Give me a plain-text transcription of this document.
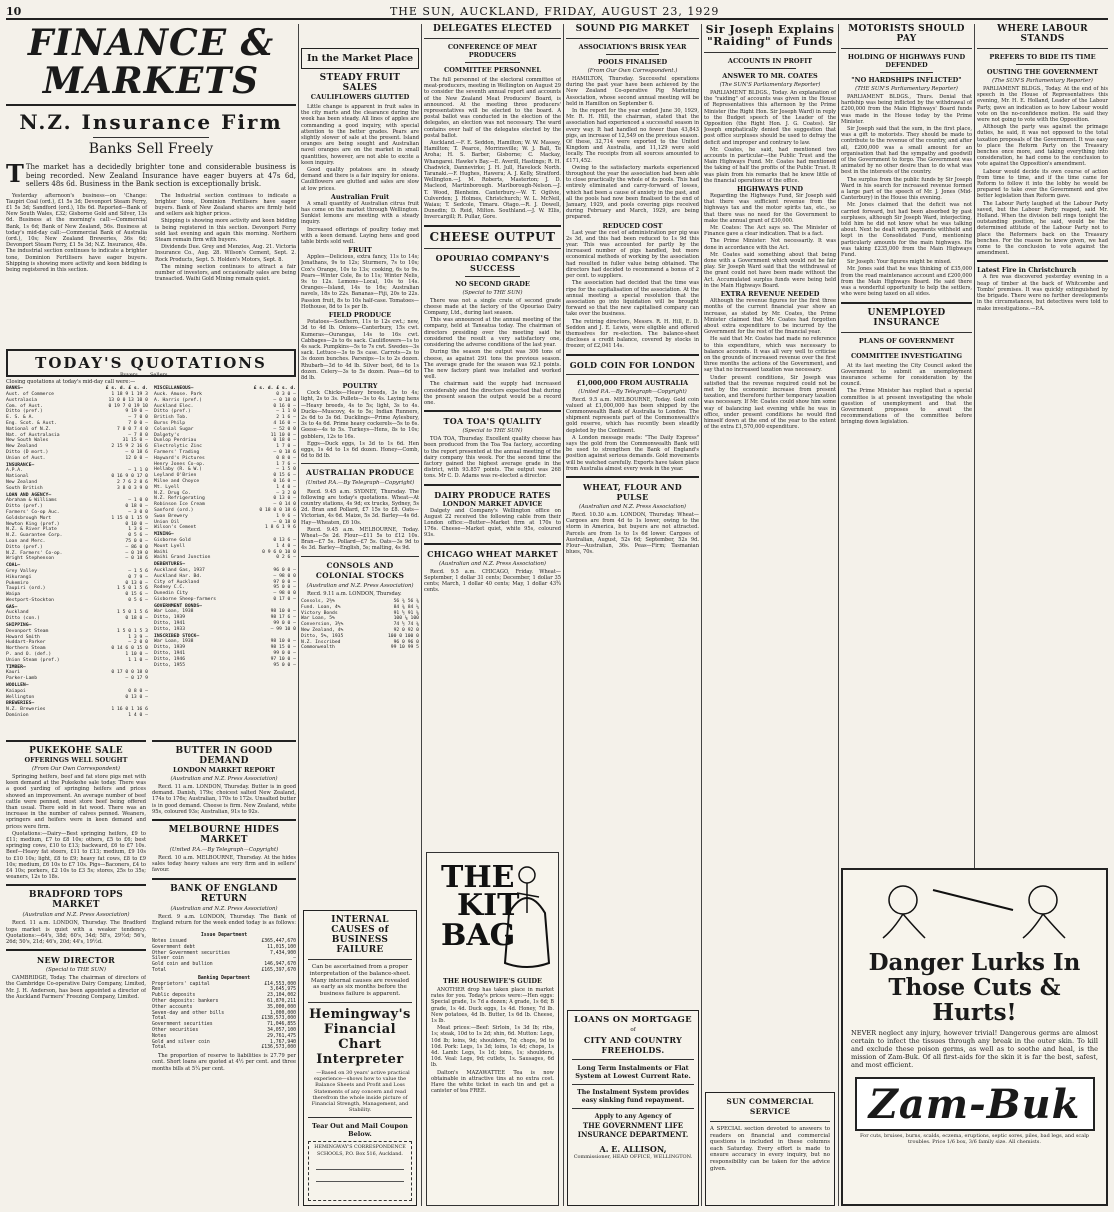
10	THE SUN, AUCKLAND, FRIDAY, AUGUST 23, 1929
FINANCE & MARKETS
N.Z. Insurance Firm
Banks Sell Freely
T The market has a decidedly brighter tone and considerable business is being recorded. New Zealand Insurance have eager buyers at 47s 6d, sellers 48s 6d. Business in the Bank section is exceptionally brisk.

Yesterday afternoon's business—on 'Change: Taupiri Coal (ord.), £1 5s 3d; Devonport Steam Ferry, £1 5s 3d; Sandford (ord.), 18s 6d. Reported—Bank of New South Wales, £32; Gisborne Gold and Silver, 13s 6d. Business at the morning's call:—Commercial Bank, 1s 6d; Bank of New Zealand, 56s. Business at today's mid-day call:—Commercial Bank of Australia (ord.), 10s; New Zealand Breweries, 36s 6d; Devonport Steam Ferry, £1 5s 3d; N.Z. Insurance, 48s. The industrial section continues to indicate a brighter tone, Dominion Fertilisers have eager buyers. Shipping is showing more activity and keen bidding is being registered in this section.

The Industrial section continues to indicate a brighter tone, Dominion Fertilisers have eager buyers. Bank of New Zealand shares are firmly held and sellers ask higher prices.

Shipping is showing more activity and keen bidding is being registered in this section. Devonport Ferry sold last evening and again this morning. Northern Steam remain firm with buyers.

Dividends Due. Grey and Menzies, Aug. 21. Victoria Insurance Co., Aug. 28. Wilson's Cement, Sept. 2. Rock Products, Sept. 5. Holden's Motors, Sept. 8.

The mining section continues to attract a fair number of investors, and occasionally sales are being transacted. Waihi Gold Mining remain quiet.

TODAY'S QUOTATIONS
Closing quotations at today's mid-day call were:—
BANKS—	£ s. d. £ s. d.
Aust. of Commerce	1 18 9 1 19 3
Australasia	13 0 0 13 10 0
Com. of Aust.	0 19 7 0 19 10
Ditto (pref.)	9 19 0 —
E. S. & A.	— 7 0 0
Eng. Scot. & Aust.	7 0 0 —
National of N.Z.	7 0 0 7 4 0
Nat. of Australasia	— 7 8 0
New South Wales	31 15 0 —
New Zealand	2 15 9 2 16 6
Ditto (D mort.)	— 0 18 6
Union of Aust.	12 0 0 —
INSURANCE—
A.P.A.	— 1 1 0
National	0 16 9 0 17 0
New Zealand	2 7 6 2 8 6
South British	3 8 0 3 9 0
LOAN AND AGENCY—
Abraham & Williams	— 1 0 0
Ditto (pref.)	0 18 0 —
Farmers' Co-op Auc.	— 3 0 0
Goldsbrough Mort	1 15 0 1 15 9
Newton King (pref.)	0 10 0 —
N.Z. & River Plate	1 3 6 —
N.Z. Guarantee Corp.	0 5 6 —
Loan and Merc.	75 0 0 —
Ditto (pref.)	— 86 0 0
N.Z. Farmers' Co-op.	— 0 19 0
Wright Stephenson	— 0 18 6
COAL—
Grey Valley	— 1 5 6
Hikurangi	0 7 9 —
Pukemiro	0 13 0 —
Taupiri (ord.)	1 5 0 1 5 6
Waipa	0 15 6 —
Westport-Stockton	0 5 6 —
GAS—
Auckland	1 5 0 1 5 6
Ditto (con.)	0 18 0 —
SHIPPING—
Devonport Steam	1 5 0 1 5 3
Howard Smith	1 3 9 —
Huddart-Parker	— 2 0 0
Northern Steam	0 14 6 0 15 0
P. and O. (def.)	1 10 0 —
Union Steam (pref.)	1 1 0 —
TIMBER—
Kauri	0 17 0 0 18 0
Parker-Lamb	— 0 17 9
WOOLLEN—
Kaiapoi	0 8 0 —
Wellington	0 13 0 —
BREWERIES—
N.Z. Breweries	1 16 0 1 16 6
Dominion	1 4 0 —
MISCELLANEOUS—	£ s. d. £ s. d.
Auck. Amuse. Park	0 3 0 —
A. Harris (pref.)	— 0 18 0
Auckland Elec.	0 16 0 —
Ditto (pref.)	— 1 1 0
British Tob.	2 1 6 —
Burns Philp	4 16 0 —
Colonial Sugar	— 52 0 0
Dalgety's	11 10 0 —
Dunlop Perdriau	0 18 0 —
Electrolytic Zinc	1 7 0 —
Farmers' Trading	— 0 18 6
Hayward's Pictures	0 8 0 —
Henry Jones Co-op.	1 7 6 —
Hellaby (R. & W.)	— 1 5 0
Leyland O'Brien	0 15 6 —
Milne and Choyce	0 16 0 —
Mt. Lyell	1 4 0 —
N.Z. Drug Co.	— 3 2 0
N.Z. Refrigerating	0 13 0 —
Robinson Ice Cream	— 0 14 0
Sanford (ord.)	0 18 0 0 18 6
Swan Brewery	1 9 6 —
Union Oil	— 0 18 0
Wilson's Cement	1 8 6 1 9 6
MINING—
Gisborne Gold	0 13 6 —
Mount Lyell	1 4 0 —
Waihi	0 9 6 0 10 0
Waihi Grand Junction	0 2 6 —
DEBENTURES—
Auckland Gas, 1937	96 0 0 —
Auckland Har. Bd.	— 98 0 0
City of Auckland	97 0 0 —
Rodney C.C.	95 0 0 —
Dunedin City	— 98 0 0
Gisborne Sheep-farmers	0 17 0 —
GOVERNMENT BONDS—
War Loan, 1938	98 10 0 —
Ditto, 1939	98 17 6 —
Ditto, 1941	99 0 0 —
Ditto, 1933	— 99 10 0
INSCRIBED STOCK—
War Loan, 1938	98 10 0 —
Ditto, 1939	98 15 0 —
Ditto, 1941	99 0 0 —
Ditto, 1946	97 10 0 —
Ditto, 1955	95 0 0 —
PUKEKOHE SALE
OFFERINGS WELL SOUGHT
(From Our Own Correspondent)

Springing heifers, beef and fat store pigs met with keen demand at the Pukekohe sale today. There was a good yarding of springing heifers and prices showed an improvement. An average number of beef cattle were penned, most store beef being offered than usual. There sold in fat wood. There was an increase in the number of calves penned. Weaners, springers and heifers were in keen demand and prices were firm.

Quotations:—Dairy—Best springing heifers, £9 to £11; medium, £7 to £8 10s; others, £5 to £6; best springing cows, £10 to £13; backward, £6 to £7 10s. Beef—Heavy fat steers, £11 to £13; medium, £9 10s to £10 10s; light, £8 to £9; heavy fat cows, £8 to £9 10s; medium, £6 10s to £7 10s. Pigs—Baconers, £4 to £4 10s; porkers, £2 10s to £3 5s; stores, 25s to 35s; weaners, 12s to 18s.

BRADFORD TOPS MARKET
(Australian and N.Z. Press Association)

Recd. 11 a.m. LONDON, Thursday. The Bradford tops market is quiet with a weaker tendency. Quotations:—64's, 38d; 60's, 34d; 58's, 29½d; 56's, 26d; 50's, 21d; 46's, 20d; 44's, 19½d.

NEW DIRECTOR
(Special to THE SUN)

CAMBRIDGE, Today. The chairman of directors of the Cambridge Co-operative Dairy Company, Limited, Mr. J. H. Anderson, has been appointed a director of the Auckland Farmers' Freezing Company, Limited.

BUTTER IN GOOD DEMAND
LONDON MARKET REPORT
(Australian and N.Z. Press Association)

Recd. 11 a.m. LONDON, Thursday. Butter is in good demand. Danish, 179s; choicest salted New Zealand, 174s to 176s; Australian, 170s to 172s. Unsalted butter is in good demand. Cheese is firm. New Zealand, white 95s, coloured 93s; Australian, 91s to 92s.

MELBOURNE HIDES MARKET
(United P.A.—By Telegraph—Copyright)

Recd. 10 a.m. MELBOURNE, Thursday. At the hides sales today heavy values are very firm and in sellers' favour.

BANK OF ENGLAND RETURN
(Australian and N.Z. Press Association)

Recd. 9 a.m. LONDON, Thursday. The Bank of England return for the week ended today is as follows:—

Issue Department
Notes issued	£365,447,670
Government debt	11,015,100
Other Government securities	7,434,900
Silver coin	—
Gold coin and bullion	146,947,670
Total	£165,397,670
Banking Department
Proprietors' capital	£14,553,000
Rest	3,645,975
Public deposits	23,104,002
Other deposits: bankers	61,870,211
Other accounts	35,000,000
Seven-day and other bills	1,000,000
Total	£138,573,000
Government securities	71,046,855
Other securities	34,057,100
Notes	29,761,475
Gold and silver coin	1,767,940
Total	£136,573,000

The proportion of reserve to liabilities is 27.79 per cent. Short loans are quoted at 4½ per cent. and three months bills at 5¼ per cent.

In the Market Place
STEADY FRUIT SALES
CAULIFLOWERS GLUTTED

Little change is apparent in fruit sales in the city marts and the clearance during the week has been steady. All lines of apples are commanding a good inquiry, with special attention to the better grades. Pears are slightly slower of sale at the present. Island oranges are being sought and Australian navel oranges are on the market in small quantities, however, are not able to excite a keen inquiry.

Good quality potatoes are in steady demand and there is a fair inquiry for onions. Cauliflowers are glutted and sales are slow at low prices.

Australian Fruit

A small quantity of Australian citrus fruit has come on the market through Wellington. Sunkist lemons are meeting with a steady inquiry.

Increased offerings of poultry today met with a keen demand. Laying hens and good table birds sold well.

FRUIT

Apples—Delicious, extra fancy, 11s to 14s; Jonathans, 9s to 12s; Sturmers, 7s to 10s; Cox's Orange, 10s to 13s; cooking, 6s to 9s. Pears—Winter Cole, 8s to 11s; Winter Nelis, 9s to 12s. Lemons—Local, 10s to 14s. Oranges—Island, 14s to 16s; Australian navels, 18s to 22s. Bananas—Fiji, 20s to 22s. Passion fruit, 8s to 10s half-case. Tomatoes—Hothouse, 8d to 1s per lb.

FIELD PRODUCE

Potatoes—Southern, 11s to 12s cwt.; new, 3d to 4d lb. Onions—Canterbury, 15s cwt. Kumeras—Ourangas, 14s to 16s cwt. Cabbages—2s to 6s sack. Cauliflowers—1s to 4s sack. Pumpkins—5s to 7s cwt. Swedes—3s sack. Lettuce—3s to 5s case. Carrots—2s to 3s dozen bunches. Parsnips—1s to 2s dozen. Rhubarb—3d to 4d lb. Silver beet, 6d to 1s dozen. Celery—3s to 5s dozen. Peas—6d to 8d lb.

POULTRY

Cock Chicks—Heavy breeds, 3s to 4s; light, 2s to 3s. Pullets—3s to 4s. Laying hens—Heavy breeds, 4s to 5s; light, 3s to 4s. Ducks—Muscovy, 4s to 5s; Indian Runners, 2s 6d to 3s 6d. Ducklings—Prime Aylesbury, 3s to 4s 6d. Prime heavy cockerels—5s to 6s. Geese—4s to 5s. Turkeys—Hens, 8s to 10s; gobblers, 12s to 16s.

Eggs—Duck eggs, 1s 3d to 1s 6d. Hen eggs, 1s 4d to 1s 6d dozen. Honey—Comb, 6d to 8d lb.

AUSTRALIAN PRODUCE
(United P.A.—By Telegraph—Copyright)

Recd. 9.45 a.m. SYDNEY, Thursday. The following are today's quotations. Wheat—At country stations, 4s 9d; ex trucks, Sydney, 5s 2d. Bran and Pollard, £7 15s to £8. Oats—Victorian, 4s 6d. Maize, 5s 3d. Barley—4s 6d. Hay—Wheaten, £6 10s.

Recd. 9.45 a.m. MELBOURNE, Today. Wheat—5s 2d. Flour—£11 5s to £12 10s. Bran—£7 5s. Pollard—£7 5s. Oats—3s 9d to 4s 3d. Barley—English, 5s; malting, 4s 9d.

CONSOLS AND COLONIAL STOCKS
(Australian and N.Z. Press Association)

Recd. 9.11 a.m. LONDON, Thursday.

Consols, 2½%	56 ¾ 56 ⅜
Fund. Loan, 4%	84 ⅜ 84 ¼
Victory Bonds	91 ½ 91 ⅝
War Loan, 5%	100 ⅛ 100
Conversion, 3½%	74 ½ 74 ⅜
New Zealand, 4%	92 0 92 0
Ditto, 5%, 1935	100 0 100 0
N.Z. Inscribed	96 0 96 0
Commonwealth	99 10 99 5
INTERNAL CAUSES of BUSINESS FAILURE
Can be ascertained from a proper interpretation of the balance-sheet. Many internal causes are revealed as early as six months before the business failure is apparent.
Hemingway's Financial Chart Interpreter

—Based on 30 years' active practical experience—shows how to value the Balance Sheets and Profit and Loss Statements of any concern and read therefrom the whole inside picture of Financial Strength, Management, and Stability.

Tear Out and Mail Coupon Below.
HEMINGWAY'S CORRESPONDENCE SCHOOLS, P.O. Box 516, Auckland.
DELEGATES ELECTED
CONFERENCE OF MEAT PRODUCERS
COMMITTEE PERSONNEL

The full personnel of the electoral committee of meat-producers, meeting in Wellington on August 29 to consider the seventh annual report and accounts of the New Zealand Meat Producers' Board, is announced. At the meeting three producers' representatives will be elected to the board. A postal ballot was conducted in the election of the delegates, an election was not necessary. The ward contains over half of the delegates elected by the postal ballot.

Auckland.—F. E. Seddon, Hamilton; W. W. Massey, Hamilton; T. Pearce, Morrinsville; W. J. Ball, Te Aroha; H. S. Barber, Gisborne; C. Mackay, Whangarei. Hawke's Bay.—E. Averill, Hastings; R. H. Chadwick, Dannevirke; J. H. Jull, Havelock North. Taranaki.—F. Hughes, Hawera; A. J. Kelly, Stratford. Wellington.—J. M. Roberts, Masterton; J. D. Macleod, Martinborough. Marlborough-Nelson.—J. T. Wood, Blenheim. Canterbury.—W. T. Ogilvie, Culverden; J. Holmes, Christchurch; W. L. McNeil, Waiau; T. Sedcole, Timaru. Otago.—R. J. Dowell, Dunedin; D. Reid, Milton. Southland.—J. W. Ellis, Invercargill; R. Pullar, Gore.

CHEESE OUTPUT
OPOURIAO COMPANY'S SUCCESS
NO SECOND GRADE
(Special to THE SUN)

There was not a single crate of second grade cheese made at the factory of the Opouriao Dairy Company, Ltd., during last season.

This was announced at the annual meeting of the company, held at Taneatua today. The chairman of directors presiding over the meeting said he considered the result a very satisfactory one, considering the adverse conditions of the last year.

During the season the output was 306 tons of cheese, as against 291 tons the previous season. The average grade for the season was 92.1 points. The new factory plant was installed and worked well.

The chairman said the supply had increased considerably and the directors expected that during the present season the output would be a record one.

TOA TOA'S QUALITY
(Special to THE SUN)

TOA TOA, Thursday. Excellent quality cheese has been produced from the Toa Toa factory, according to the report presented at the annual meeting of the dairy company this week. For the second time the factory gained the highest average grade in the district, with 93.857 points. The output was 268 tons. Mr C. D. Adams was re-elected a director.

DAIRY PRODUCE RATES
LONDON MARKET ADVICE

Dalgety and Company's Wellington office on August 22 received the following cable from their London office:—Butter—Market firm at 170s to 176s. Cheese—Market quiet, white 95s, coloured 93s.

CHICAGO WHEAT MARKET
(Australian and N.Z. Press Association)

Recd. 9.5 a.m. CHICAGO, Friday. Wheat—September, 1 dollar 31 cents; December, 1 dollar 35 cents; March, 1 dollar 40 cents; May, 1 dollar 43¾ cents.

THE
KIT
BAG
THE HOUSEWIFE'S GUIDE

ANOTHER drop has taken place in market rates for you. Today's prices were:—Hen eggs: Special grade, 1s 7d a dozen; A grade, 1s 6d; B grade, 1s 4d. Duck eggs, 1s 4d. Honey, 7d lb. New potatoes, 4d lb. Butter, 1s 6d lb. Cheese, 1s lb.

Meat prices:—Beef: Sirloin, 1s 3d lb; ribs, 1s; steak, 10d to 1s 2d; shin, 6d. Mutton: Legs, 10d lb; loins, 9d; shoulders, 7d; chops, 9d to 10d. Pork: Legs, 1s 3d; loins, 1s 4d; chops, 1s 4d. Lamb: Legs, 1s 1d; loins, 1s; shoulders, 10d. Veal: Legs, 9d; cutlets, 1s. Sausages, 6d lb.

Dalton's MAZAWATTEE Tea is now obtainable in attractive tins at no extra cost. Have the white ticket in each tin and get a canister of tea FREE.

SOUND PIG MARKET
ASSOCIATION'S BRISK YEAR
POOLS FINALISED
(From Our Own Correspondent.)

HAMILTON, Thursday. Successful operations during the past year have been achieved by the New Zealand Co-operative Pig Marketing Association, whose second annual meeting will be held in Hamilton on September 6.

In the report for the year ended June 30, 1929, Mr. R. H. Hill, the chairman, stated that the association had experienced a successful season in every way. It had handled no fewer than 43,843 pigs, an increase of 12,549 on the previous season. Of these, 32,714 were exported to the United Kingdom and Australia, and 11,129 were sold locally. The receipts from all sources amounted to £171,452.

Owing to the satisfactory markets experienced throughout the year the association had been able to close practically the whole of its pools. This had entirely eliminated and carry-forward of losses, which had been a cause of anxiety in the past, and all the pools had now been finalised to the end of January, 1929, and pools covering pigs received during February and March, 1929, are being prepared.

REDUCED COST

Last year the cost of administration per pig was 2s 3d, and this had been reduced to 1s 9d this year. This was accounted for partly by the increased number of pigs handled, but more economical methods of working by the association had resulted in fuller value being obtained. The directors had decided to recommend a bonus of 2 per cent. to suppliers.

The association had decided that the time was ripe for the capitalisation of the association. At the annual meeting a special resolution that the association go into liquidation will be brought forward so that the new capitalised company can take over the business.

The retiring directors, Messrs. R. H. Hill, E. D. Seddon and J. E. Lewis, were eligible and offered themselves for re-election. The balance-sheet discloses a credit balance, covered by stocks in freezer, of £2,041 14s.

GOLD COIN FOR LONDON
£1,000,000 FROM AUSTRALIA
(United P.A.—By Telegraph—Copyright)

Recd. 9.5 a.m. MELBOURNE, Today. Gold coin valued at £1,000,000 has been shipped by the Commonwealth Bank of Australia to London. The shipment represents part of the Commonwealth's gold reserve, which has recently been steadily depleted by the Continent.

A London message reads: "The Daily Express" says the gold from the Commonwealth Bank will be used to strengthen the Bank of England's position against serious demands. Gold movements will be watched carefully. Exports have taken place from Australia almost every week in the year.

WHEAT, FLOUR AND PULSE
(Australian and N.Z. Press Association)

Recd. 10.30 a.m. LONDON, Thursday. Wheat—Cargoes are from 4d to 1s lower, owing to the storm in America, but buyers are not attracted. Parcels are from 1s to 1s 6d lower. Cargoes of Australian, August, 52s 6d; September, 52s 9d. Flour—Australian, 36s. Peas—Firm; Tasmanian blues, 70s.

LOANS ON MORTGAGE
of
CITY AND COUNTRY FREEHOLDS.
Long Term Instalments or Flat System at Lowest Current Rate.
The Instalment System provides easy sinking fund repayment.
Apply to any Agency of
THE GOVERNMENT LIFE INSURANCE DEPARTMENT.
A. E. ALLISON,
Commissioner, HEAD OFFICE, WELLINGTON.
Sir Joseph Explains "Raiding" of Funds
ACCOUNTS IN PROFIT
ANSWER TO MR. COATES
(The SUN'S Parliamentary Reporter)

PARLIAMENT BLDGS., Today. An explanation of the "raiding" of accounts was given in the House of Representatives this afternoon by the Prime Minister (the Right Hon. Sir Joseph Ward) in reply to the Budget speech of the Leader of the Opposition (the Right Hon. J. G. Coates). Sir Joseph emphatically denied the suggestion that post office surpluses should be used to defray the deficit and improper and contrary to law.

Mr. Coates, he said, had mentioned two accounts in particular—the Public Trust and the Main Highways Fund. Mr. Coates had mentioned the taking of half the profits of the Public Trust. It was plain from his remarks that he knew little of the financial operations of the office.

HIGHWAYS FUND

Regarding the Highways Fund, Sir Joseph said that there was sufficient revenue from the highways tax and the motor spirits tax, etc., so that there was no need for the Government to make the annual grant of £30,000.

Mr. Coates: The Act says so. The Minister of Finance gave a clear indication. That is a fact.

The Prime Minister: Not necessarily. It was done in accordance with the Act.

Mr. Coates said something about that being done with a Government which would not be fair play. Sir Joseph Ward said that the withdrawal of the grant could not have been made without the Act. Accumulated surplus funds were being held in the Main Highways Board.

EXTRA REVENUE NEEDED

Although the revenue figures for the first three months of the current financial year show an increase, as stated by Mr. Coates, the Prime Minister claimed that Mr. Coates had forgotten about extra expenditure to be incurred by the Government for the rest of the financial year.

He said that Mr. Coates had made no reference to this expenditure, which was necessary to balance accounts. It was all very well to criticise on the grounds of increased revenue over the first three months the actions of the Government, and say that no increased taxation was necessary.

Under present conditions, Sir Joseph was satisfied that the revenue required could not be met by the economic increase from present taxation, and therefore further temporary taxation was necessary. If Mr. Coates could show him some way of balancing last evening while he was in office, under present conditions he would find himself down at the end of the year to the extent of the extra £1,570,000 expenditure.

SUN COMMERCIAL SERVICE
A SPECIAL section devoted to answers to readers on financial and commercial questions is included in these columns each Saturday. Every effort is made to ensure accuracy in every inquiry, but no responsibility can be taken for the advice given.
MOTORISTS SHOULD PAY
HOLDING OF HIGHWAYS FUND DEFENDED
"NO HARDSHIPS INFLICTED"
(THE SUN'S Parliamentary Reporter)

PARLIAMENT BLDGS., Thurs. Denial that hardship was being inflicted by the withdrawal of £200,000 from the Main Highways' Board funds was made in the House today by the Prime Minister.

Sir Joseph said that the sum, in the first place, was a gift to motorists. They should be made to contribute to the revenue of the country, and after all, £200,000 was a small amount for an organisation that had the sympathy and goodwill of the Government to forgo. The Government was animated by no other desire than to do what was best in the interests of the country.

The surplus from the public funds by Sir Joseph Ward in his search for increased revenue formed a large part of the speech of Mr. J. Jones (Mid-Canterbury) in the House this evening.

Mr. Jones claimed that the deficit was not carried forward, but had been absorbed by past surpluses, although Sir Joseph Ward, interjecting, told him he did not know what he was talking about. Next he dealt with payments withheld and kept in the Consolidated Fund, mentioning particularly amounts for the main highways. He was taking £235,000 from the Main Highways Fund.

Sir Joseph: Your figures might be mixed.

Mr. Jones said that he was thinking of £35,000 from the road maintenance account and £200,000 from the Main Highways Board. He said there was a wonderful opportunity to help the settlers, who were being taxed on all sides.

UNEMPLOYED INSURANCE
PLANS OF GOVERNMENT
COMMITTEE INVESTIGATING

At its last meeting the City Council asked the Government to submit an unemployment insurance scheme for consideration by the council.

The Prime Minister has replied that a special committee is at present investigating the whole question of unemployment and that the Government proposes to await the recommendations of the committee before bringing down legislation.

WHERE LABOUR STANDS
PREFERS TO BIDE ITS TIME
OUSTING THE GOVERNMENT
(The SUN'S Parliamentary Reporter)

PARLIAMENT BLDGS., Today. At the end of his speech in the House of Representatives this evening, Mr. H. E. Holland, Leader of the Labour Party, gave an indication as to how Labour would vote on the no-confidence motion. He said they were not going to vote with the Opposition.

Although the party was against the primage duties, he said, it was not opposed to the total taxation proposals of the Government. It was easy to place the Reform Party on the Treasury benches once more, and taking everything into consideration, he had come to the conclusion to vote against the Opposition's amendment.

Labour would decide its own course of action from time to time, and if the time came for Reform to follow it into the lobby he would be prepared to take over the Government and give better legislation than Reform gave.

The Labour Party laughed at the Labour Party saved, but the Labour Party reaped, said Mr. Holland. When the division bell rings tonight the outstanding position, he said, would be the determined attitude of the Labour Party not to place the Reformers back on the Treasury benches. For the reason he knew given, we had come to the conclusion to vote against the amendment.

Latest Fire in Christchurch

A fire was discovered yesterday evening in a heap of timber at the back of Whitcombe and Tombs' premises. It was quickly extinguished by the brigade. There were no further developments in the circumstances, but detectives were told to make investigations.—P.A.

Danger Lurks In Those Cuts & Hurts!
NEVER neglect any injury, however trivial! Dangerous germs are almost certain to infect the tissues through any break in the outer skin. To kill and exclude these poison germs, as well as to soothe and heal, is the mission of Zam-Buk. Of all first-aids for the skin it is far the best, safest, and most efficient.
Zam-Buk
For cuts, bruises, burns, scalds, eczema, eruptions, septic sores, piles, bad legs, and scalp troubles. Price 1/6 box, 3/6 family size. All chemists.
Buyers. Sellers.
